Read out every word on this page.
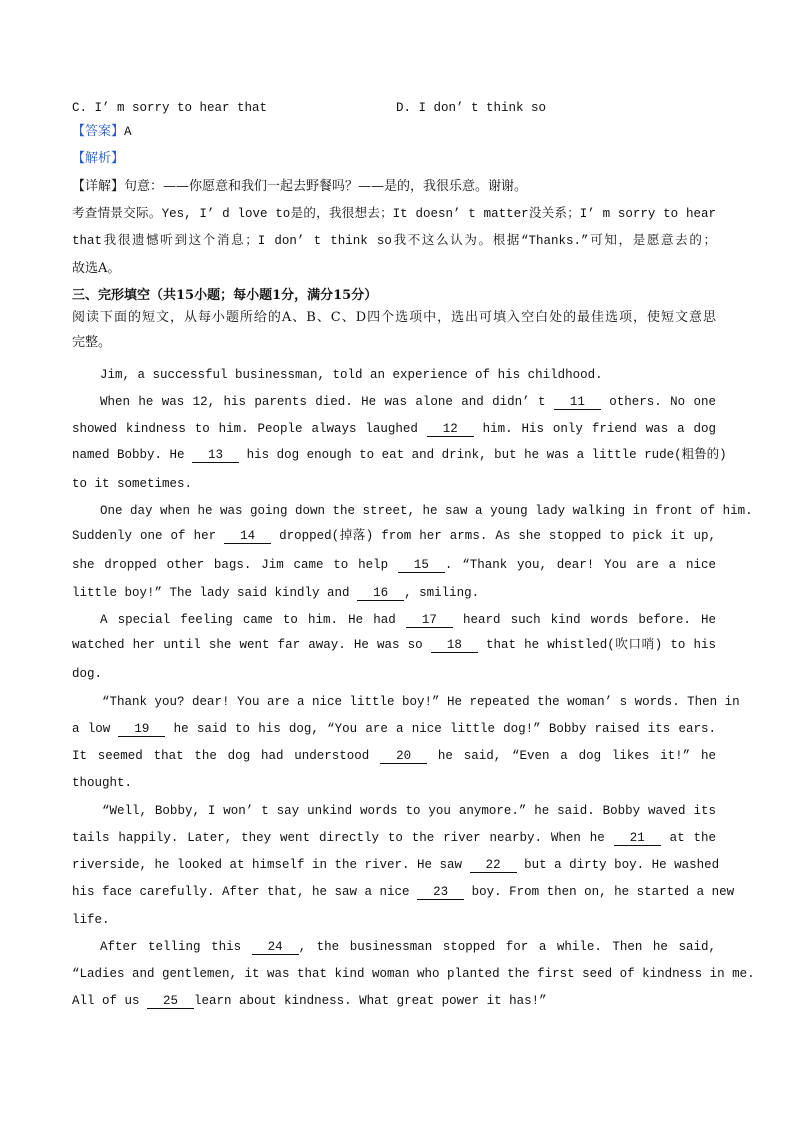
C. I’ m sorry to hear that	D. I don’ t think so
【答案】A
【解析】
【详解】句意：——你愿意和我们一起去野餐吗？——是的，我很乐意。谢谢。
考查情景交际。Yes, I’ d love to是的，我很想去；It doesn’ t matter没关系；I’ m sorry to hear
that我很遗憾听到这个消息；I don’ t think so我不这么认为。根据“Thanks.”可知，是愿意去的；
故选A。
三、完形填空（共15小题；每小题1分，满分15分）
阅读下面的短文，从每小题所给的A、B、C、D四个选项中，选出可填入空白处的最佳选项，使短文意思
完整。
Jim, a successful businessman, told an experience of his childhood.
When he was 12, his parents died. He was alone and didn’ t 11 others. No one
showed kindness to him. People always laughed 12 him. His only friend was a dog
named Bobby. He 13 his dog enough to eat and drink, but he was a little rude(粗鲁的)
to it sometimes.
One day when he was going down the street, he saw a young lady walking in front of him.
Suddenly one of her 14 dropped(掉落) from her arms. As she stopped to pick it up,
she dropped other bags. Jim came to help 15 . “Thank you, dear! You are a nice
little boy!” The lady said kindly and 16 , smiling.
A special feeling came to him. He had 17 heard such kind words before. He
watched her until she went far away. He was so 18 that he whistled(吹口哨) to his
dog.
“Thank you? dear! You are a nice little boy!” He repeated the woman’ s words. Then in
a low 19 he said to his dog, “You are a nice little dog!” Bobby raised its ears.
It seemed that the dog had understood 20 he said, “Even a dog likes it!” he
thought.
“Well, Bobby, I won’ t say unkind words to you anymore.” he said. Bobby waved its
tails happily. Later, they went directly to the river nearby. When he 21 at the
riverside, he looked at himself in the river. He saw 22 but a dirty boy. He washed
his face carefully. After that, he saw a nice 23 boy. From then on, he started a new
life.
After telling this 24 , the businessman stopped for a while. Then he said,
“Ladies and gentlemen, it was that kind woman who planted the first seed of kindness in me.
All of us 25 learn about kindness. What great power it has!”
